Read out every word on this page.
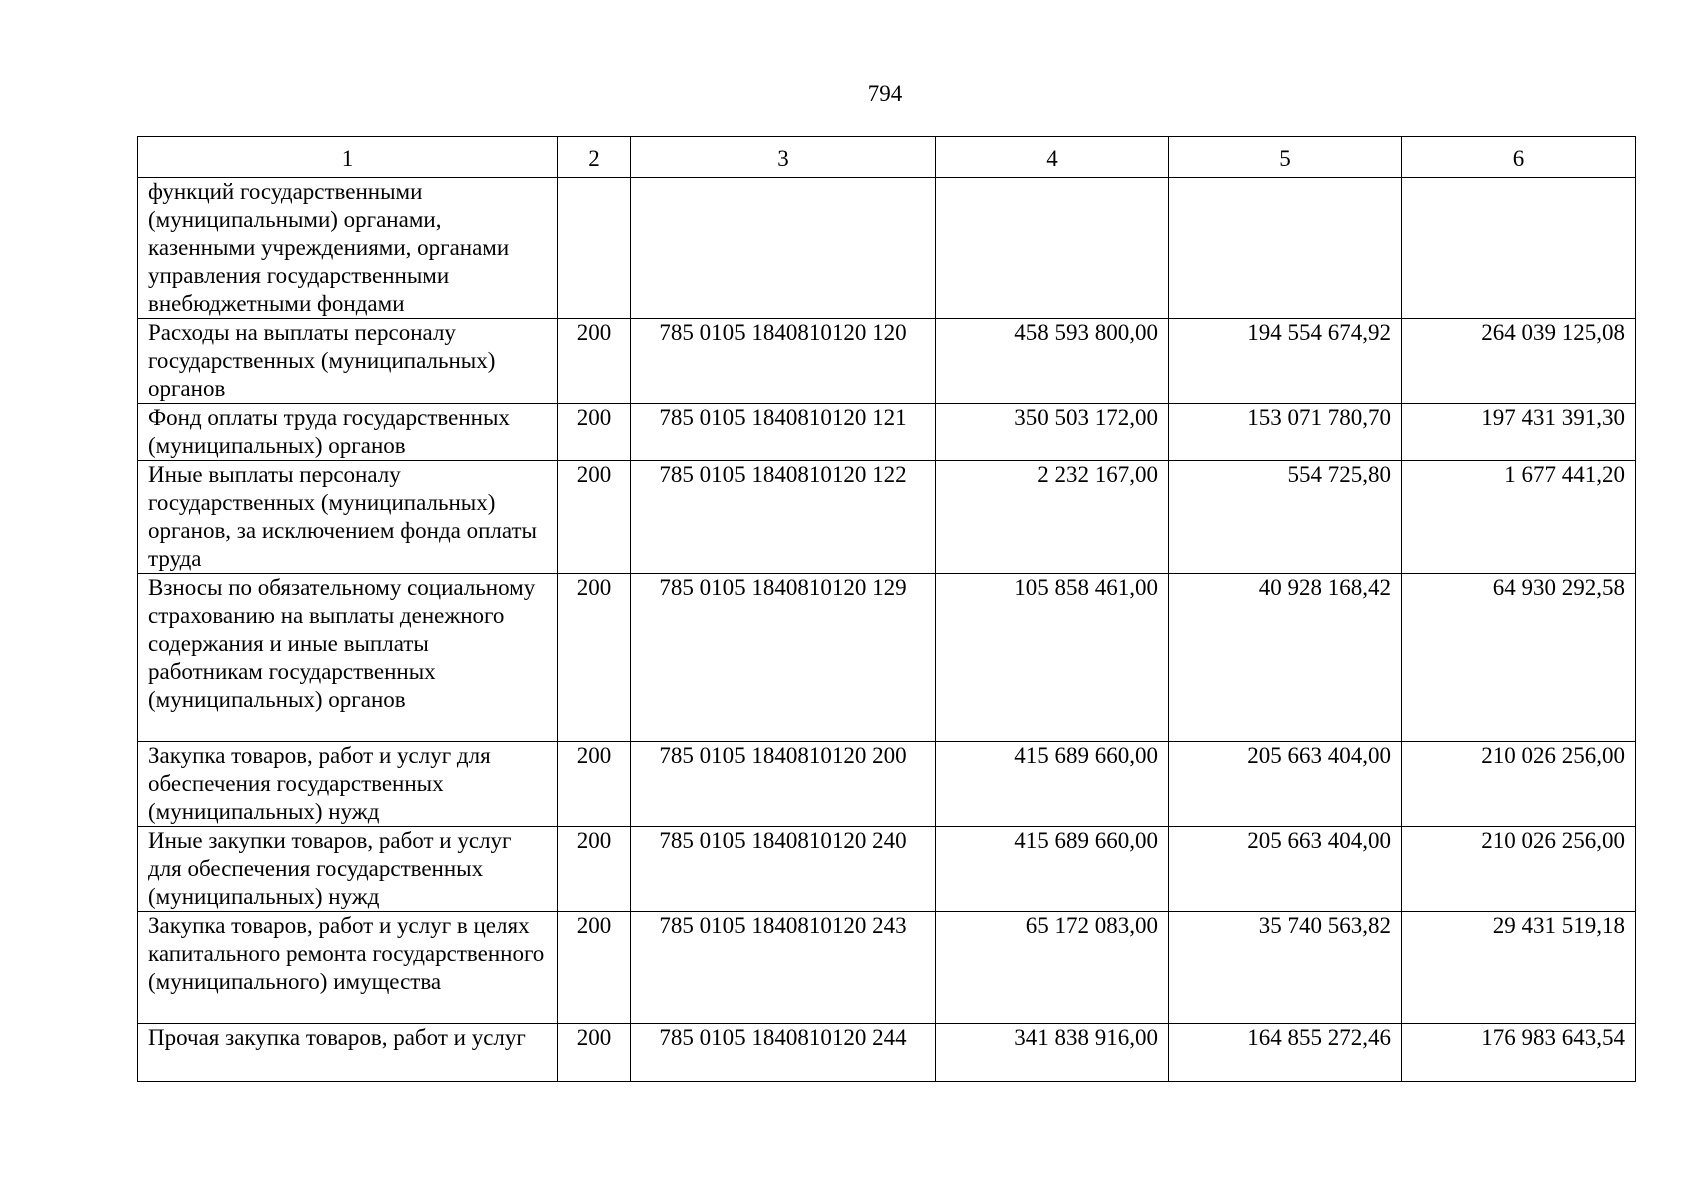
794
1	2	3	4	5	6
функций государственными (муниципальными) органами, казенными учреждениями, органами управления государственными внебюджетными фондами					
Расходы на выплаты персоналу государственных (муниципальных) органов	200	785 0105 1840810120 120	458 593 800,00	194 554 674,92	264 039 125,08
Фонд оплаты труда государственных (муниципальных) органов	200	785 0105 1840810120 121	350 503 172,00	153 071 780,70	197 431 391,30
Иные выплаты персоналу государственных (муниципальных) органов, за исключением фонда оплаты труда	200	785 0105 1840810120 122	2 232 167,00	554 725,80	1 677 441,20
Взносы по обязательному социальному страхованию на выплаты денежного содержания и иные выплаты работникам государственных (муниципальных) органов	200	785 0105 1840810120 129	105 858 461,00	40 928 168,42	64 930 292,58
Закупка товаров, работ и услуг для обеспечения государственных (муниципальных) нужд	200	785 0105 1840810120 200	415 689 660,00	205 663 404,00	210 026 256,00
Иные закупки товаров, работ и услуг для обеспечения государственных (муниципальных) нужд	200	785 0105 1840810120 240	415 689 660,00	205 663 404,00	210 026 256,00
Закупка товаров, работ и услуг в целях капитального ремонта государственного (муниципального) имущества	200	785 0105 1840810120 243	65 172 083,00	35 740 563,82	29 431 519,18
Прочая закупка товаров, работ и услуг	200	785 0105 1840810120 244	341 838 916,00	164 855 272,46	176 983 643,54
